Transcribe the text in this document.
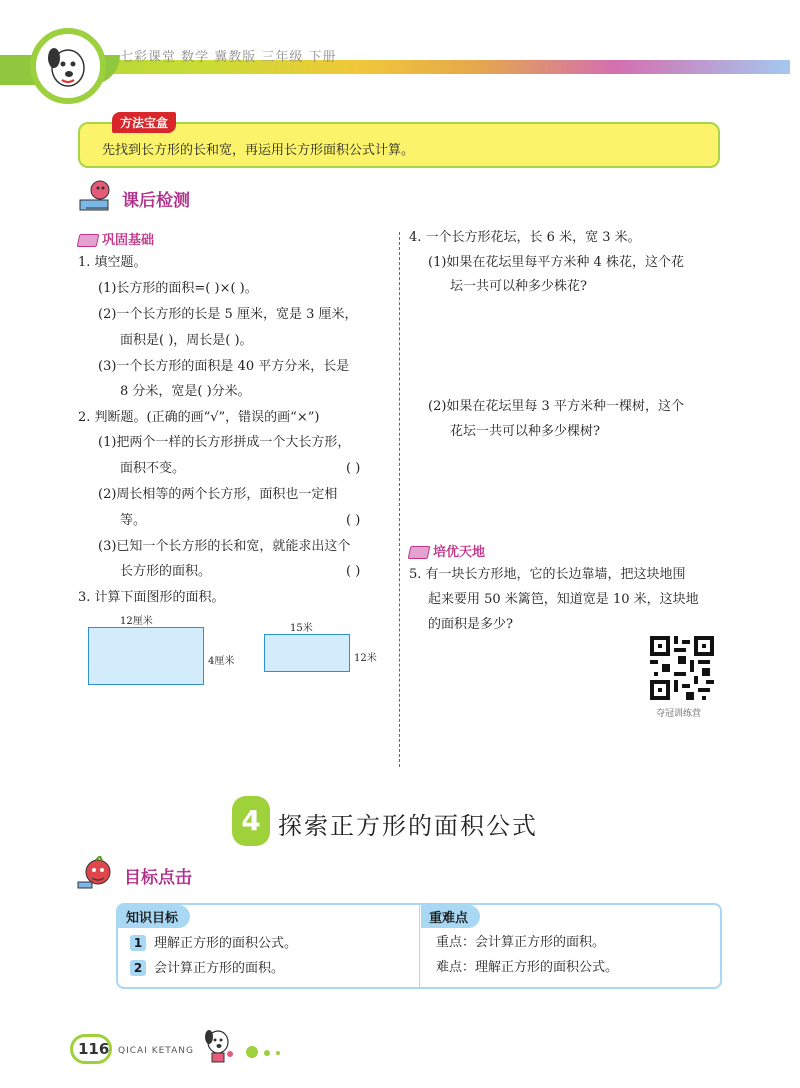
七彩课堂 数学 冀教版 三年级 下册
方法宝盒
先找到长方形的长和宽，再运用长方形面积公式计算。
课后检测
巩固基础
1. 填空题。
(1)长方形的面积=( )×( )。
(2)一个长方形的长是 5 厘米，宽是 3 厘米，
面积是( )，周长是( )。
(3)一个长方形的面积是 40 平方分米，长是
8 分米，宽是( )分米。
2. 判断题。(正确的画“√”，错误的画“×”)
(1)把两个一样的长方形拼成一个大长方形，
面积不变。	( )
(2)周长相等的两个长方形，面积也一定相
等。	( )
(3)已知一个长方形的长和宽，就能求出这个
长方形的面积。	( )
3. 计算下面图形的面积。
12厘米
4厘米
15米
12米
4. 一个长方形花坛，长 6 米，宽 3 米。
(1)如果在花坛里每平方米种 4 株花，这个花
坛一共可以种多少株花?
(2)如果在花坛里每 3 平方米种一棵树，这个
花坛一共可以种多少棵树?
培优天地
5. 有一块长方形地，它的长边靠墙，把这块地围
起来要用 50 米篱笆，知道宽是 10 米，这块地
的面积是多少?
夺冠训练营
4 探索正方形的面积公式
目标点击
知识目标	重难点
1 理解正方形的面积公式。
2 会计算正方形的面积。
重点：会计算正方形的面积。
难点：理解正方形的面积公式。
116 QICAI KETANG
